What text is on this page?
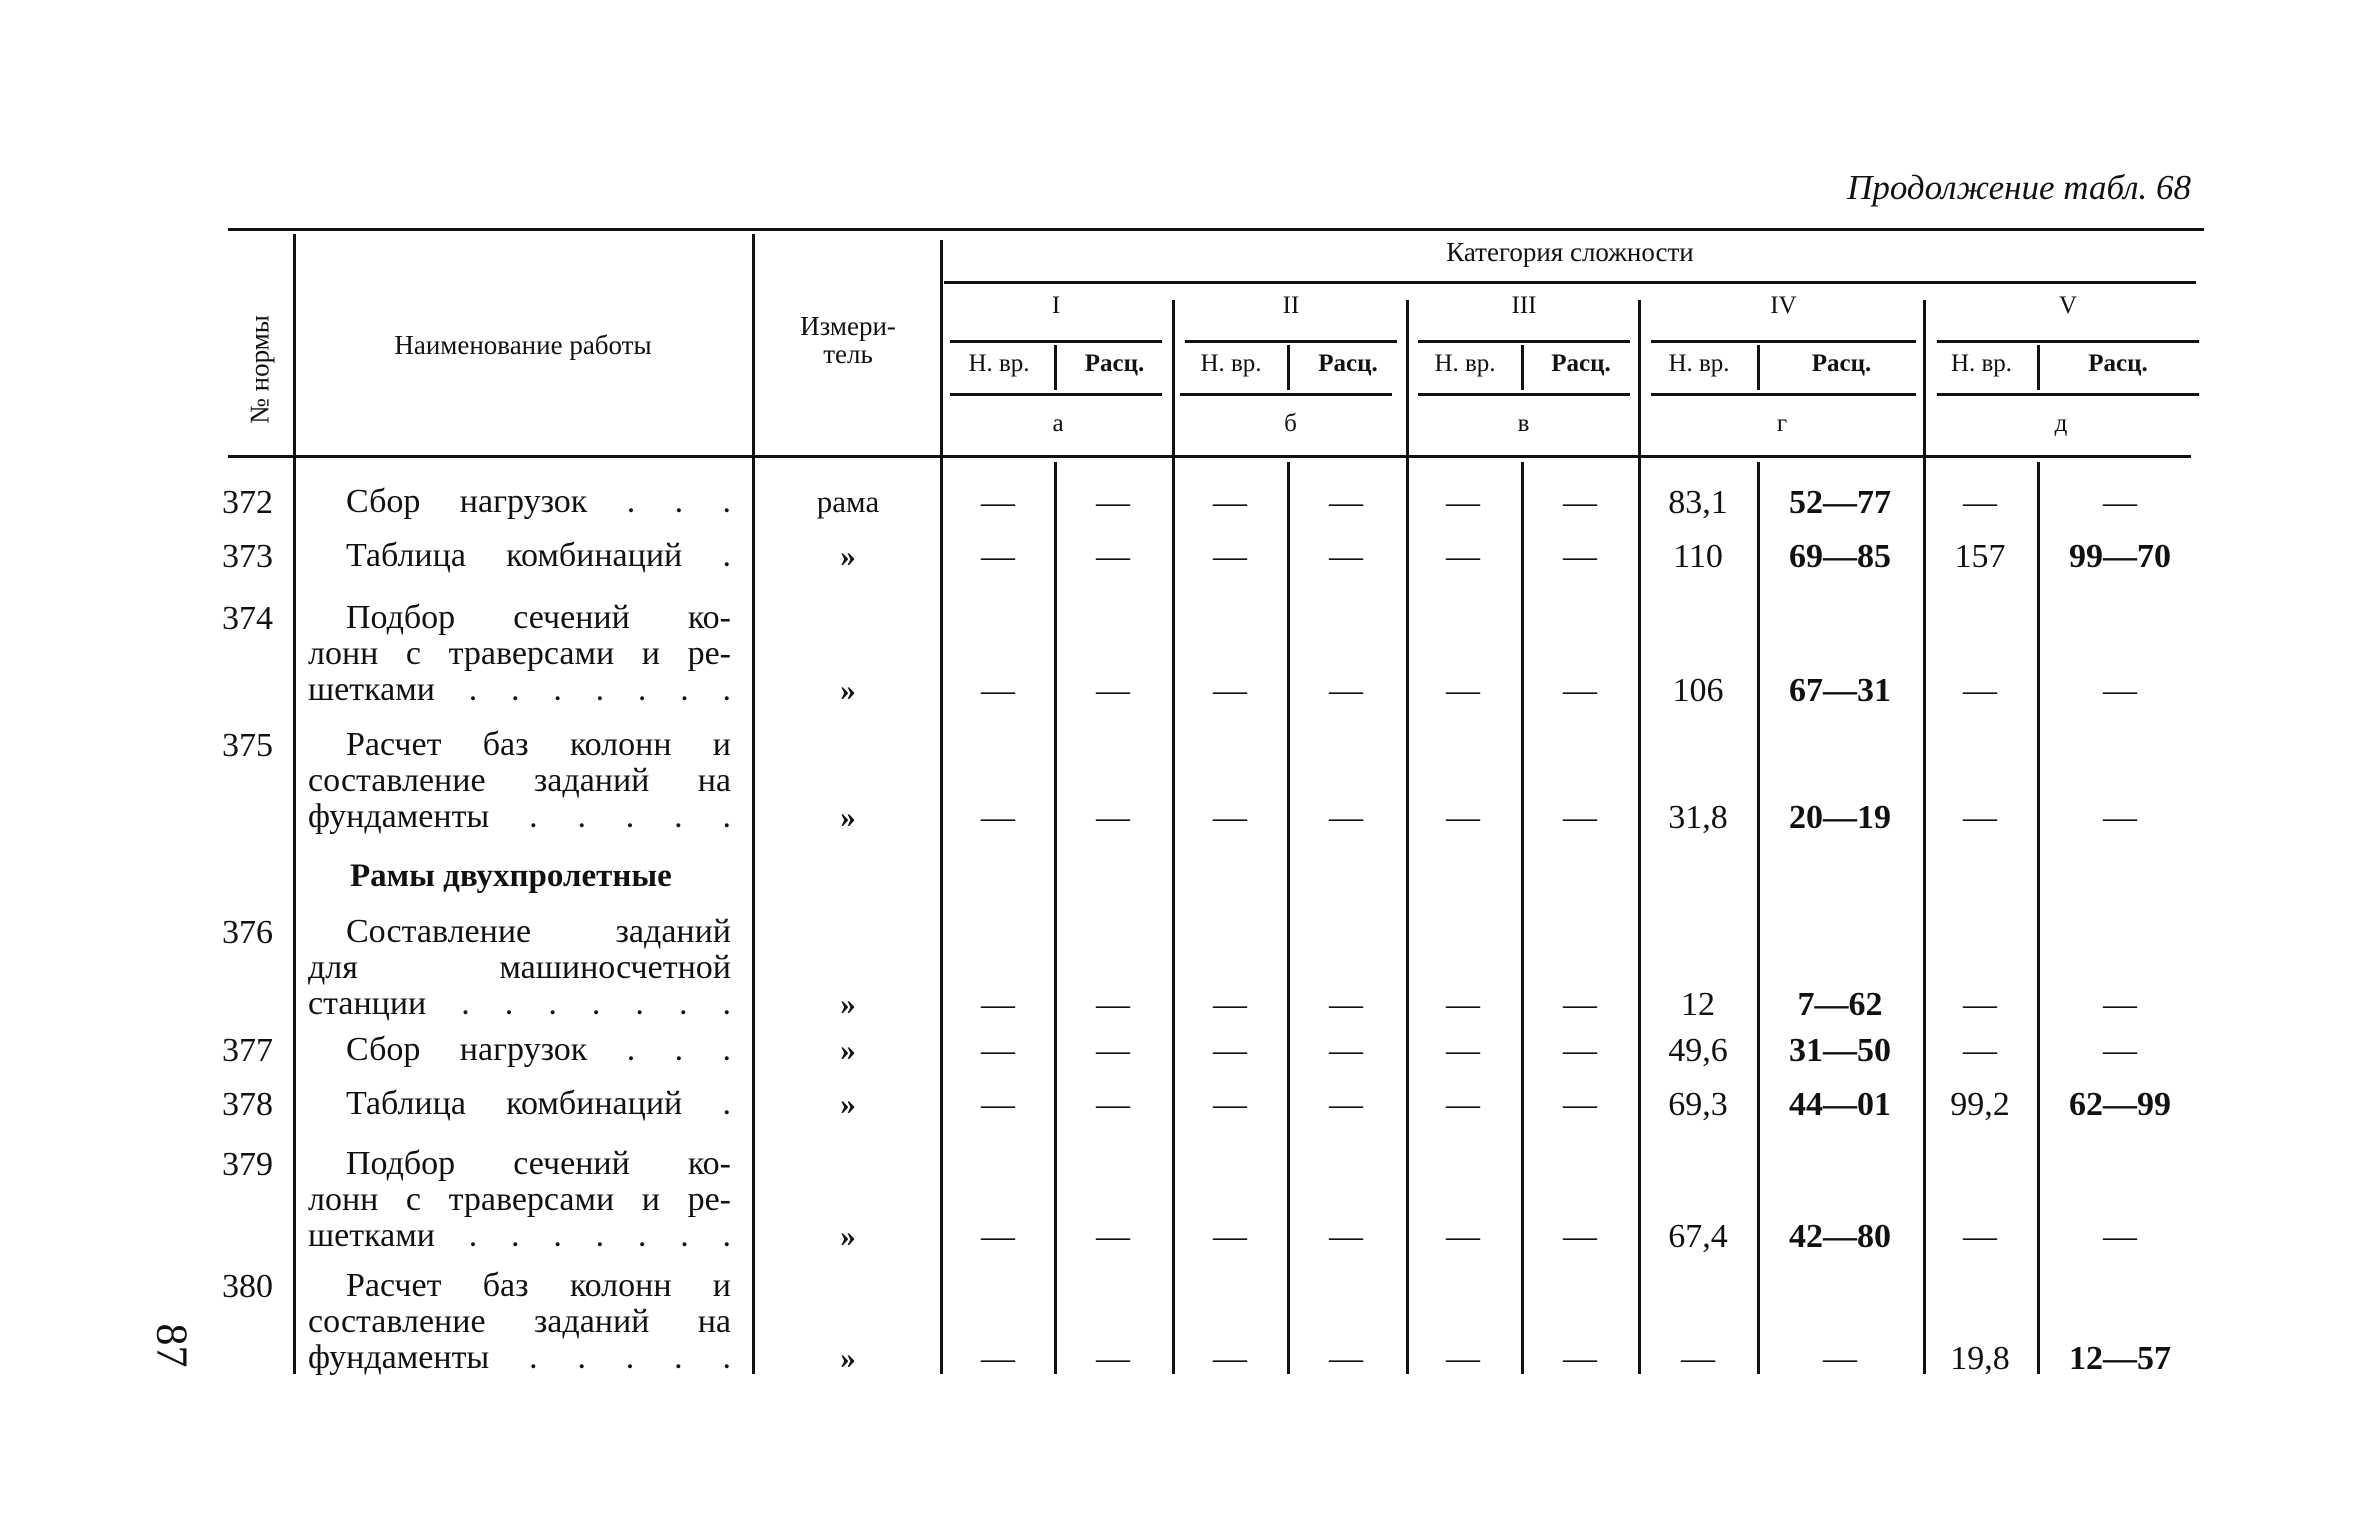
Продолжение табл. 68
№ нормы	Наименование работы
Измери-
тель
Категория сложности
I	II	III	IV	V
Н. вр.	Расц.	Н. вр.	Расц.	Н. вр.	Расц.	Н. вр.	Расц.	Н. вр.	Расц.
а	б	в	г	д
372 Сбор нагрузок . . .	рама	—	—	—	—	—	—	83,1	52—77	—	—
373 Таблица комбинаций .	»	—	—	—	—	—	—	110	69—85	157	99—70
374 Подбор сечений ко-
лонн с траверсами и ре-
шетками . . . . . . .	»	—	—	—	—	—	—	106	67—31	—	—
375 Расчет баз колонн и
составление заданий на
фундаменты . . . . .	»	—	—	—	—	—	—	31,8	20—19	—	—
376 Составление заданий
для машиносчетной
станции . . . . . . .	»	—	—	—	—	—	—	12	7—62	—	—
377 Сбор нагрузок . . .	»	—	—	—	—	—	—	49,6	31—50	—	—
378 Таблица комбинаций .	»	—	—	—	—	—	—	69,3	44—01	99,2	62—99
379 Подбор сечений ко-
лонн с траверсами и ре-
шетками . . . . . . .	»	—	—	—	—	—	—	67,4	42—80	—	—
380 Расчет баз колонн и
составление заданий на
фундаменты . . . . .	»	—	—	—	—	—	—	—	—	19,8	12—57
Рамы двухпролетные
87
